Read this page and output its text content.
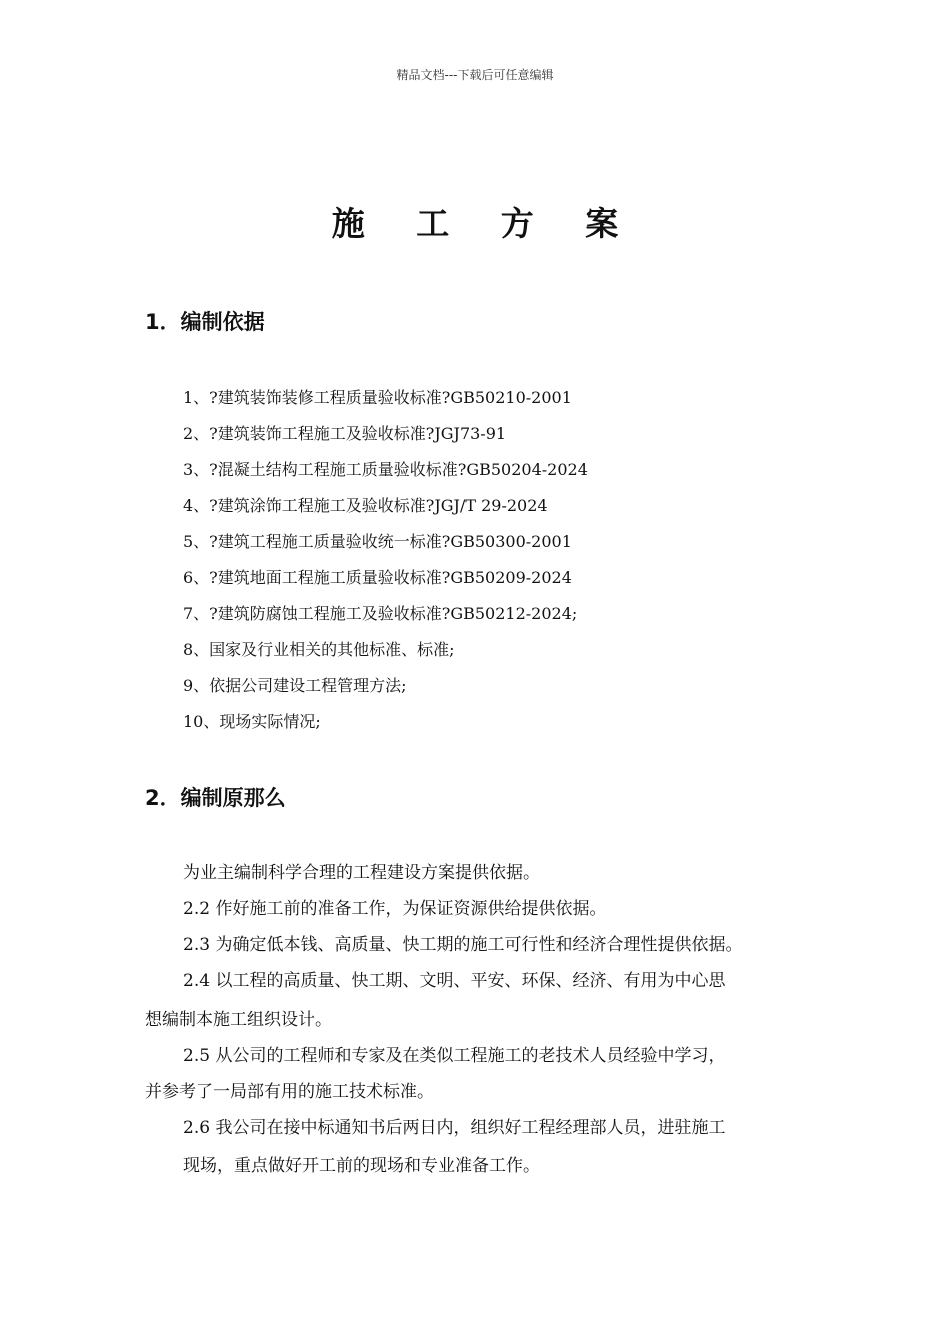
精品文档---下载后可任意编辑
施 工 方 案
1．编制依据
1、?建筑装饰装修工程质量验收标准?GB50210-2001
2、?建筑装饰工程施工及验收标准?JGJ73-91
3、?混凝土结构工程施工质量验收标准?GB50204-2024
4、?建筑涂饰工程施工及验收标准?JGJ/T 29-2024
5、?建筑工程施工质量验收统一标准?GB50300-2001
6、?建筑地面工程施工质量验收标准?GB50209-2024
7、?建筑防腐蚀工程施工及验收标准?GB50212-2024;
8、国家及行业相关的其他标准、标准;
9、依据公司建设工程管理方法;
10、现场实际情况;
2．编制原那么
为业主编制科学合理的工程建设方案提供依据。
2.2 作好施工前的准备工作，为保证资源供给提供依据。
2.3 为确定低本钱、高质量、快工期的施工可行性和经济合理性提供依据。
2.4 以工程的高质量、快工期、文明、平安、环保、经济、有用为中心思
想编制本施工组织设计。
2.5 从公司的工程师和专家及在类似工程施工的老技术人员经验中学习，
并参考了一局部有用的施工技术标准。
2.6 我公司在接中标通知书后两日内，组织好工程经理部人员，进驻施工
现场，重点做好开工前的现场和专业准备工作。
